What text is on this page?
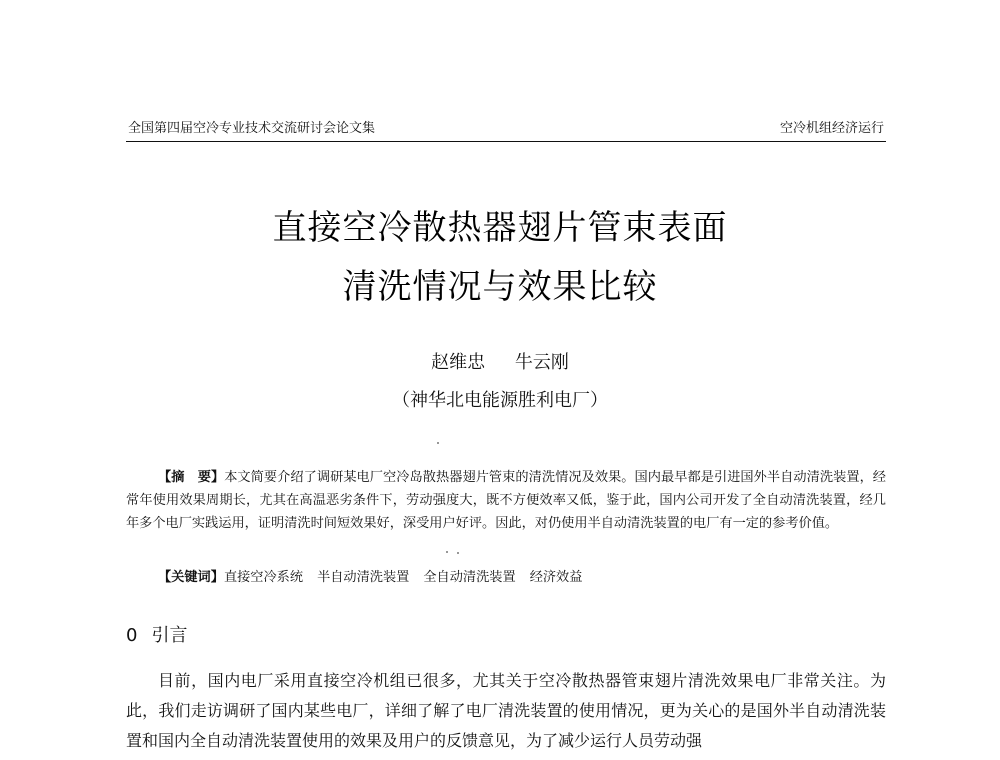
全国第四届空冷专业技术交流研讨会论文集	空冷机组经济运行
直接空冷散热器翅片管束表面
清洗情况与效果比较
赵维忠 牛云刚
（神华北电能源胜利电厂）
【摘　要】本文简要介绍了调研某电厂空冷岛散热器翅片管束的清洗情况及效果。国内最早都是引进国外半自动清洗装置，经常年使用效果周期长，尤其在高温恶劣条件下，劳动强度大，既不方便效率又低，鉴于此，国内公司开发了全自动清洗装置，经几年多个电厂实践运用，证明清洗时间短效果好，深受用户好评。因此，对仍使用半自动清洗装置的电厂有一定的参考价值。
【关键词】直接空冷系统 半自动清洗装置 全自动清洗装置 经济效益
0 引言
目前，国内电厂采用直接空冷机组已很多，尤其关于空冷散热器管束翅片清洗效果电厂非常关注。为此，我们走访调研了国内某些电厂，详细了解了电厂清洗装置的使用情况，更为关心的是国外半自动清洗装置和国内全自动清洗装置使用的效果及用户的反馈意见，为了减少运行人员劳动强
